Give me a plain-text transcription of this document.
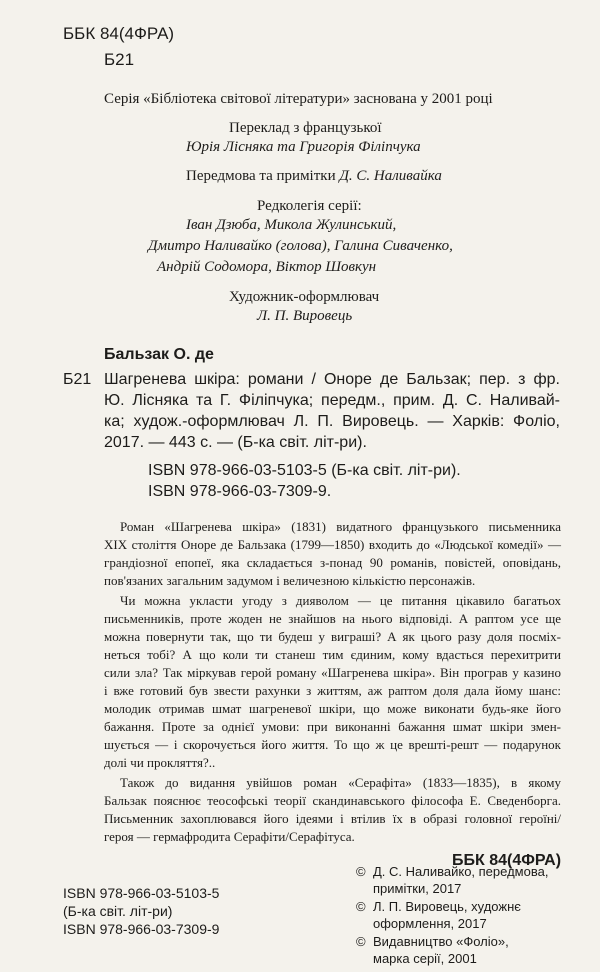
ББК 84(4ФРА)
Б21
Серія «Бібліотека світової літератури» заснована у 2001 році
Переклад з французької
Юрія Лісняка та Григорія Філіпчука
Передмова та примітки Д. С. Наливайка
Редколегія серії:
Іван Дзюба, Микола Жулинський,
Дмитро Наливайко (голова), Галина Сиваченко,
Андрій Содомора, Віктор Шовкун
Художник-оформлювач
Л. П. Вировець
Бальзак О. де
Б21 Шагренева шкіра: романи / Оноре де Бальзак; пер. з фр.
Ю. Лісняка та Г. Філіпчука; передм., прим. Д. С. Наливай-
ка; худож.-оформлювач Л. П. Вировець. — Харків: Фоліо,
2017. — 443 с. — (Б-ка світ. літ-ри).
ISBN 978-966-03-5103-5 (Б-ка світ. літ-ри).
ISBN 978-966-03-7309-9.
Роман «Шагренева шкіра» (1831) видатного французького письменника
XIX століття Оноре де Бальзака (1799—1850) входить до «Людської комедії» —
грандіозної епопеї, яка складається з-понад 90 романів, повістей, оповідань,
пов'язаних загальним задумом і величезною кількістю персонажів.
Чи можна укласти угоду з дияволом — це питання цікавило багатьох
письменників, проте жоден не знайшов на нього відповіді. А раптом усе ще
можна повернути так, що ти будеш у виграші? А як цього разу доля посміх-
неться тобі? А що коли ти станеш тим єдиним, кому вдасться перехитрити
сили зла? Так міркував герой роману «Шагренева шкіра». Він програв у казино
і вже готовий був звести рахунки з життям, аж раптом доля дала йому шанс:
молодик отримав шмат шагреневої шкіри, що може виконати будь-яке його
бажання. Проте за однієї умови: при виконанні бажання шмат шкіри змен-
шується — і скорочується його життя. То що ж це врешті-решт — подарунок
долі чи прокляття?..
Також до видання увійшов роман «Серафіта» (1833—1835), в якому
Бальзак пояснює теософські теорії скандинавського філософа Е. Сведенборга.
Письменник захоплювався його ідеями і втілив їх в образі головної героїні/
героя — гермафродита Серафіти/Серафітуса.
ББК 84(4ФРА)
ISBN 978-966-03-5103-5
(Б-ка світ. літ-ри)
ISBN 978-966-03-7309-9
© Д. С. Наливайко, передмова,
примітки, 2017
© Л. П. Вировець, художнє
оформлення, 2017
© Видавництво «Фоліо»,
марка серії, 2001
